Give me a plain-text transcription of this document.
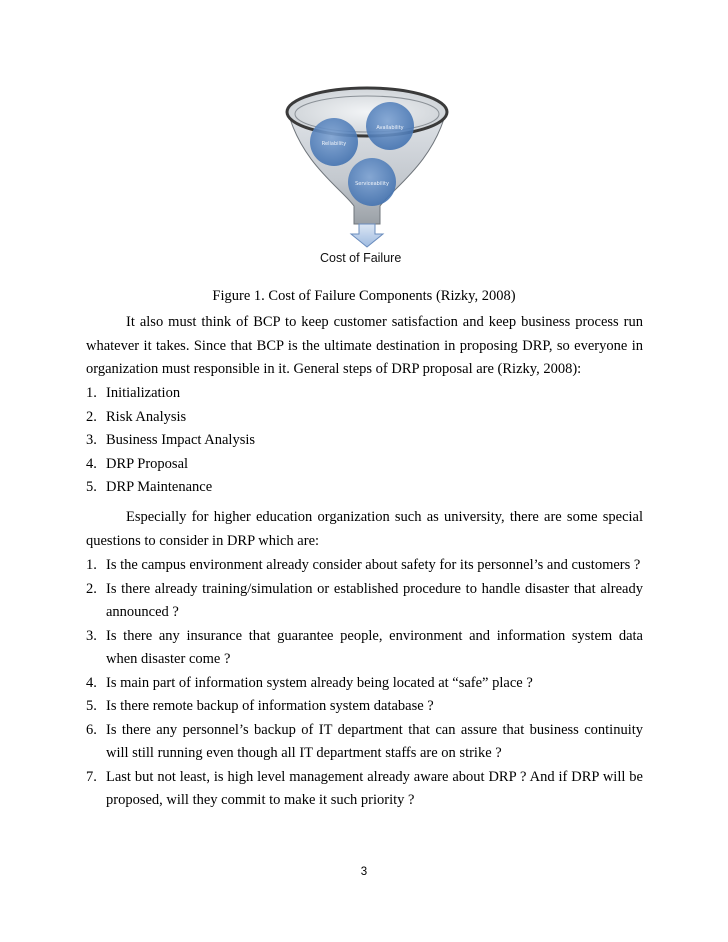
Availability
Reliability
Serviceability
Cost of Failure
Figure 1. Cost of Failure Components (Rizky, 2008)

It also must think of BCP to keep customer satisfaction and keep business process run whatever it takes. Since that BCP is the ultimate destination in proposing DRP, so everyone in organization must responsible in it. General steps of DRP proposal are (Rizky, 2008):

1. Initialization
2. Risk Analysis
3. Business Impact Analysis
4. DRP Proposal
5. DRP Maintenance

Especially for higher education organization such as university, there are some special questions to consider in DRP which are:

1. Is the campus environment already consider about safety for its personnel’s and customers ?
2. Is there already training/simulation or established procedure to handle disaster that already announced ?
3. Is there any insurance that guarantee people, environment and information system data when disaster come ?
4. Is main part of information system already being located at “safe” place ?
5. Is there remote backup of information system database ?
6. Is there any personnel’s backup of IT department that can assure that business continuity will still running even though all IT department staffs are on strike ?
7. Last but not least, is high level management already aware about DRP ? And if DRP will be proposed, will they commit to make it such priority ?
3
